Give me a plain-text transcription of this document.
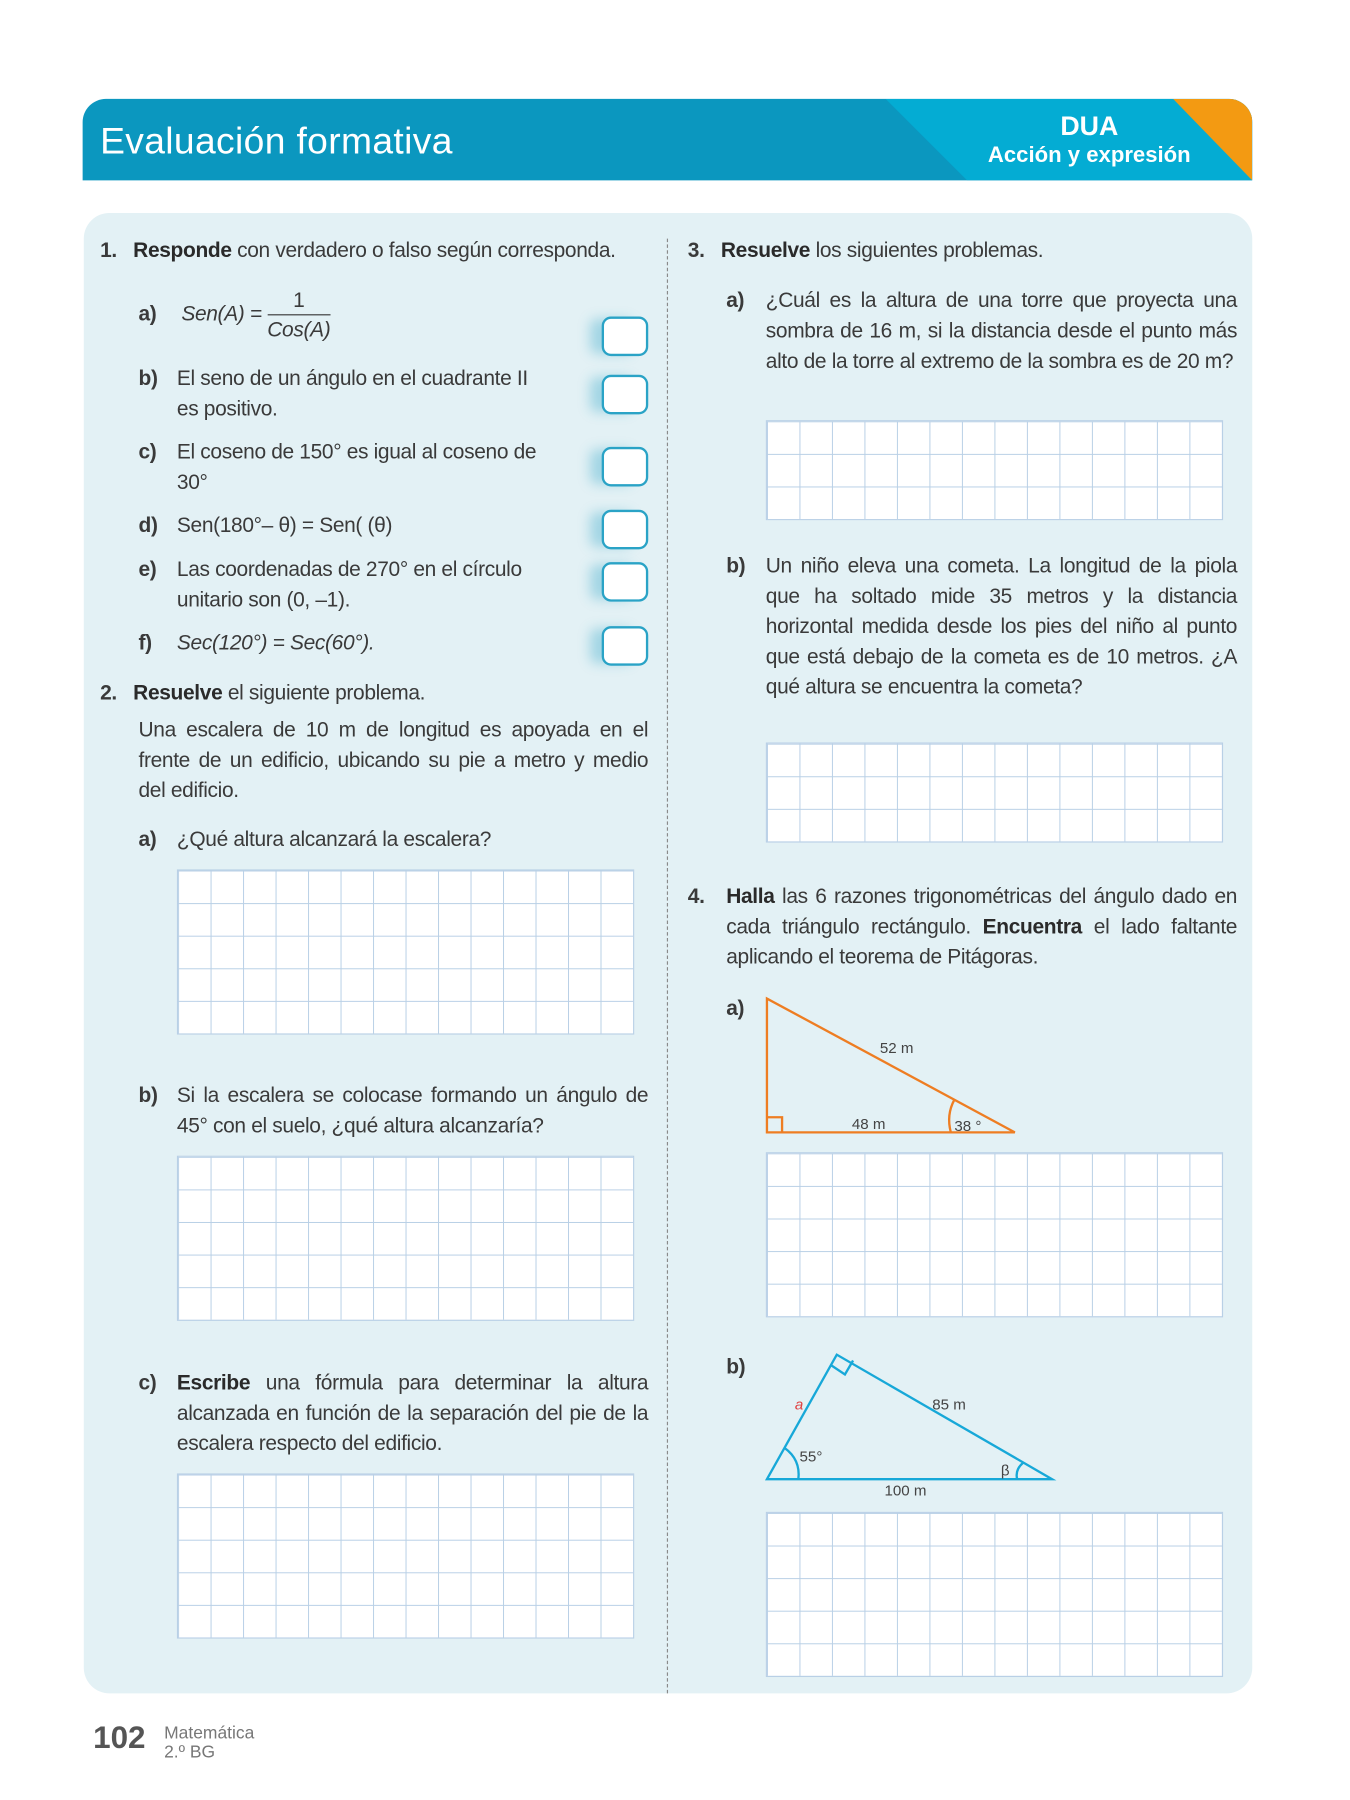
Evaluación formativa	DUA
Acción y expresión
1. Responde con verdadero o falso según corresponda.
a) $Sen(A) = \frac{1}{\text{Cos(A)}}$
b) El seno de un ángulo en el cuadrante II es positivo.
c) El coseno de 150° es igual al coseno de 30°
d) Sen(180°– θ) = Sen( (θ)
e) Las coordenadas de 270° en el círculo unitario son (0, –1).
f) Sec(120°) = Sec(60°).
2. Resuelve el siguiente problema.
Una escalera de 10 m de longitud es apoyada en el frente de un edificio, ubicando su pie a metro y medio del edificio.
a) ¿Qué altura alcanzará la escalera?
b) Si la escalera se colocase formando un ángulo de 45° con el suelo, ¿qué altura alcanzaría?
c) Escribe una fórmula para determinar la altura alcanzada en función de la separación del pie de la escalera respecto del edificio.
3. Resuelve los siguientes problemas.
a) ¿Cuál es la altura de una torre que proyecta una sombra de 16 m, si la distancia desde el punto más alto de la torre al extremo de la sombra es de 20 m?
b) Un niño eleva una cometa. La longitud de la piola que ha soltado mide 35 metros y la distancia horizontal medida desde los pies del niño al punto que está debajo de la cometa es de 10 metros. ¿A qué altura se encuentra la cometa?
4. Halla las 6 razones trigonométricas del ángulo dado en cada triángulo rectángulo. Encuentra el lado faltante aplicando el teorema de Pitágoras.
a)
52 m
48 m	38 °
b)
a	85 m
55°
β
100 m
102 Matemática
2.º BG
